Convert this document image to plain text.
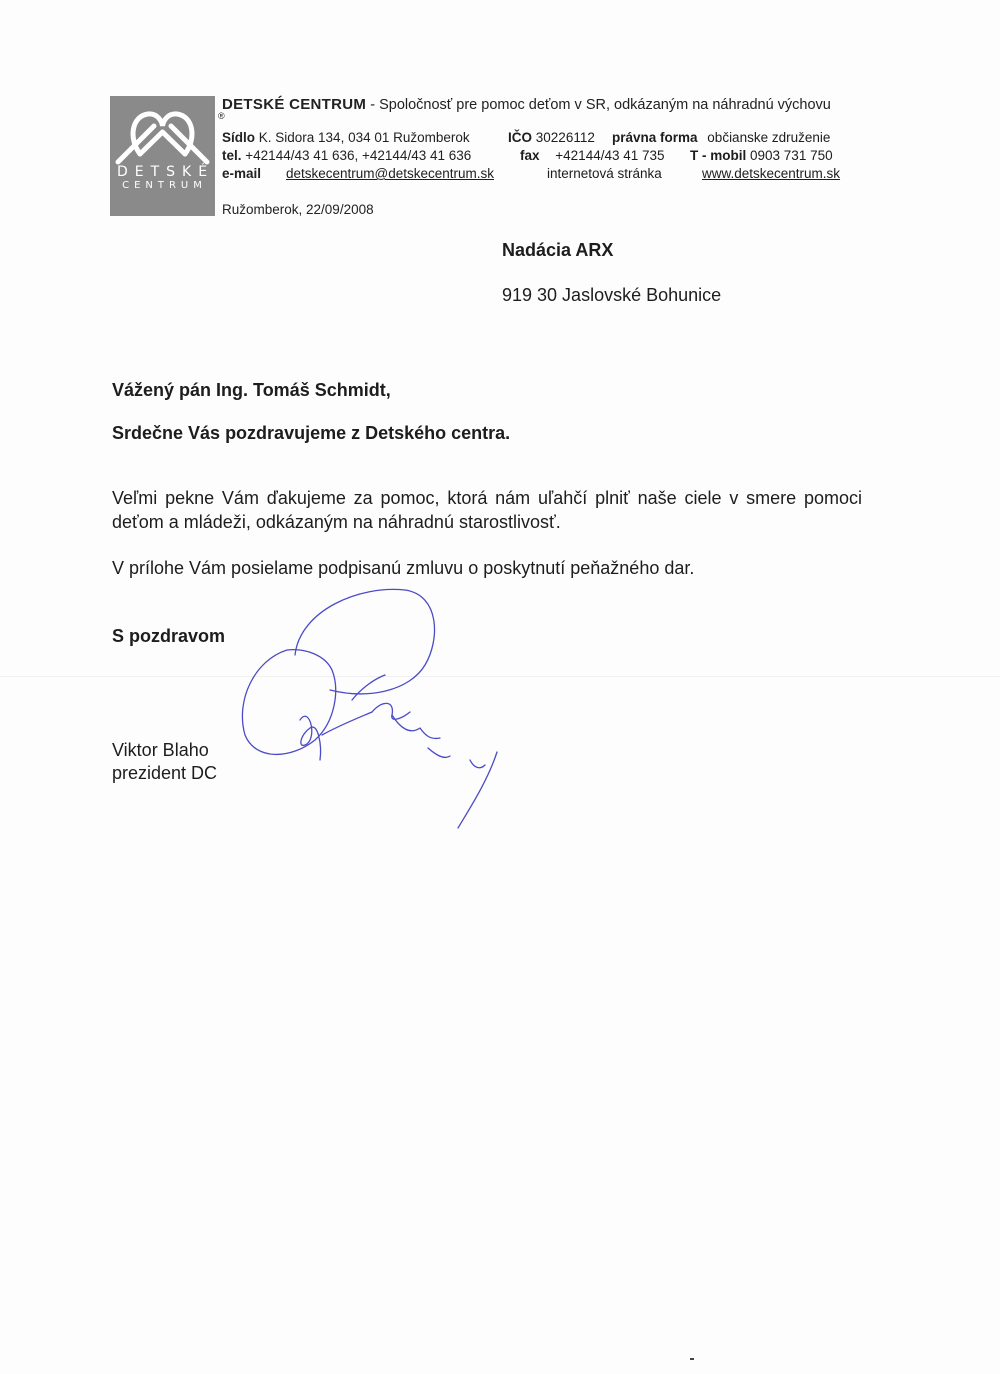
DETSKÉ
CENTRUM
®
DETSKÉ CENTRUM - Spoločnosť pre pomoc deťom v SR, odkázaným na náhradnú výchovu
Sídlo K. Sidora 134, 034 01 Ružomberok	IČO 30226112 právna forma občianske združenie
tel. +42144/43 41 636, +42144/43 41 636	fax +42144/43 41 735 T - mobil 0903 731 750
e-mail detskecentrum@detskecentrum.sk	internetová stránka	www.detskecentrum.sk
Ružomberok, 22/09/2008
Nadácia ARX
919 30 Jaslovské Bohunice
Vážený pán Ing. Tomáš Schmidt,
Srdečne Vás pozdravujeme z Detského centra.
Veľmi pekne Vám ďakujeme za pomoc, ktorá nám uľahčí plniť naše ciele v smere pomoci deťom a mládeži, odkázaným na náhradnú starostlivosť.
V prílohe Vám posielame podpisanú zmluvu o poskytnutí peňažného dar.
S pozdravom
Viktor Blaho
prezident DC
